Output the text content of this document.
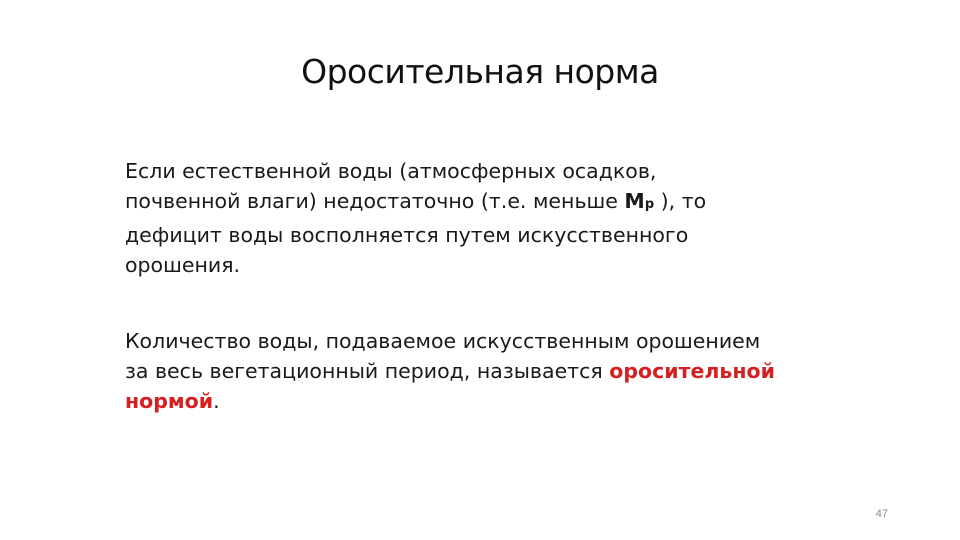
Оросительная норма
Если естественной воды (атмосферных осадков,
почвенной влаги) недостаточно (т.е. меньше Mр ), то
дефицит воды восполняется путем искусственного
орошения.
Количество воды, подаваемое искусственным орошением
за весь вегетационный период, называется оросительной
нормой.
47
